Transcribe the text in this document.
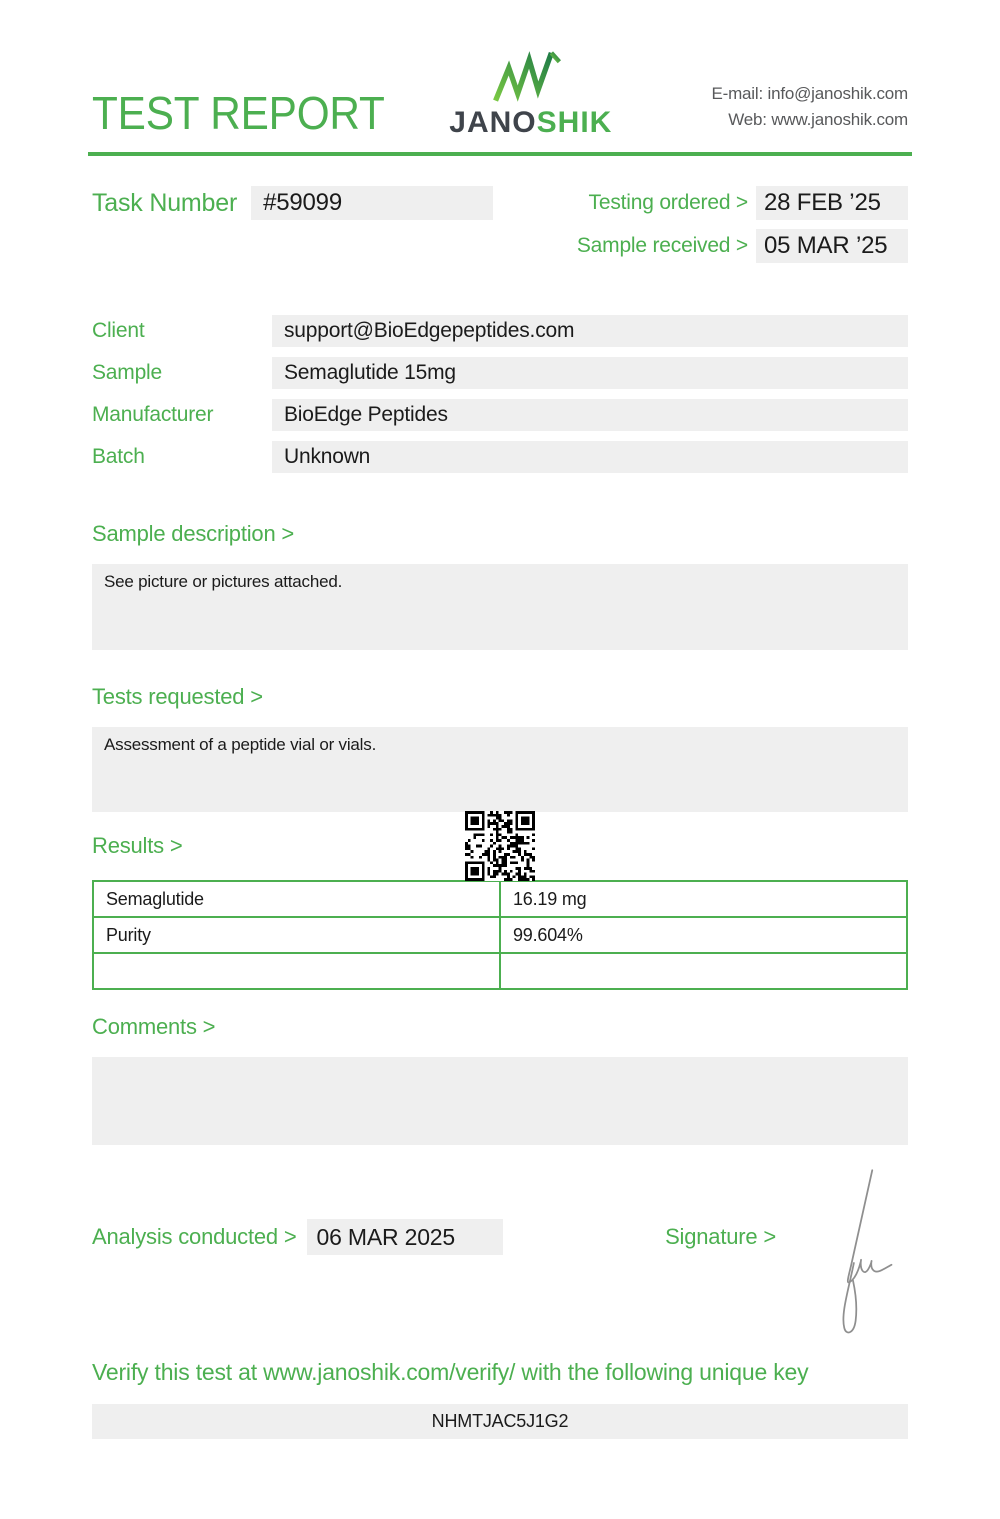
TEST REPORT JANOSHIK
E-mail: info@janoshik.com
Web: www.janoshik.com
Task Number	#59099	Testing ordered > 28 FEB ’25
Sample received > 05 MAR ’25
Client	support@BioEdgepeptides.com
Sample	Semaglutide 15mg
Manufacturer	BioEdge Peptides
Batch	Unknown
Sample description >
See picture or pictures attached.
Tests requested >
Assessment of a peptide vial or vials.
Results >
Semaglutide	16.19 mg
Purity	99.604%

Comments >
Analysis conducted > 06 MAR 2025	Signature >
Verify this test at www.janoshik.com/verify/ with the following unique key
NHMTJAC5J1G2
